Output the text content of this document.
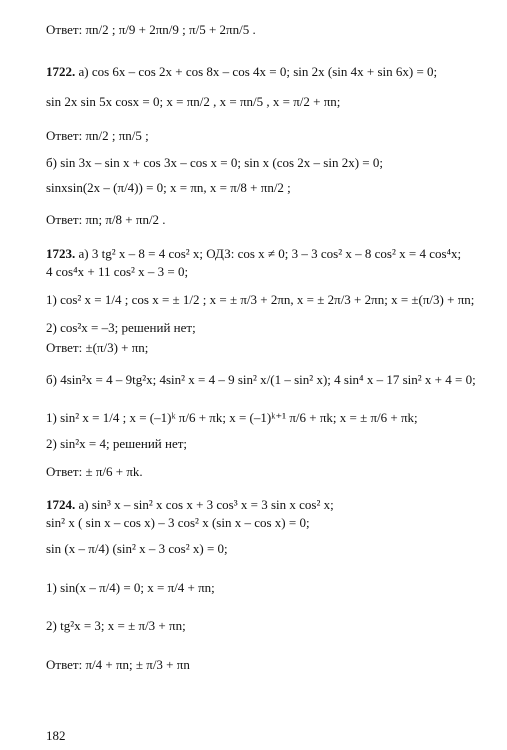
Ответ: πn/2 ; π/9 + 2πn/9 ; π/5 + 2πn/5 .
1722. а) cos 6x – cos 2x + cos 8x – cos 4x = 0; sin 2x (sin 4x + sin 6x) = 0;
sin 2x sin 5x cosx = 0; x = πn/2 , x = πn/5 , x = π/2 + πn;
Ответ: πn/2 ; πn/5 ;
б) sin 3x – sin x + cos 3x – cos x = 0; sin x (cos 2x – sin 2x) = 0;
sinxsin(2x – (π/4)) = 0; x = πn, x = π/8 + πn/2 ;
Ответ: πn; π/8 + πn/2 .
1723. а) 3 tg² x – 8 = 4 cos² x; ОДЗ: cos x ≠ 0; 3 – 3 cos² x – 8 cos² x = 4 cos⁴x;
4 cos⁴x + 11 cos² x – 3 = 0;
1) cos² x = 1/4 ; cos x = ± 1/2 ; x = ± π/3 + 2πn, x = ± 2π/3 + 2πn; x = ±(π/3) + πn;
2) cos²x = –3; решений нет;
Ответ: ±(π/3) + πn;
б) 4sin²x = 4 – 9tg²x; 4sin² x = 4 – 9 sin² x/(1 – sin² x); 4 sin⁴ x – 17 sin² x + 4 = 0;
1) sin² x = 1/4 ; x = (–1)ᵏ π/6 + πk; x = (–1)ᵏ⁺¹ π/6 + πk; x = ± π/6 + πk;
2) sin²x = 4; решений нет;
Ответ: ± π/6 + πk.
1724. а) sin³ x – sin² x cos x + 3 cos³ x = 3 sin x cos² x;
sin² x ( sin x – cos x) – 3 cos² x (sin x – cos x) = 0;
sin (x – π/4) (sin² x – 3 cos² x) = 0;
1) sin(x – π/4) = 0; x = π/4 + πn;
2) tg²x = 3; x = ± π/3 + πn;
Ответ: π/4 + πn; ± π/3 + πn
182
